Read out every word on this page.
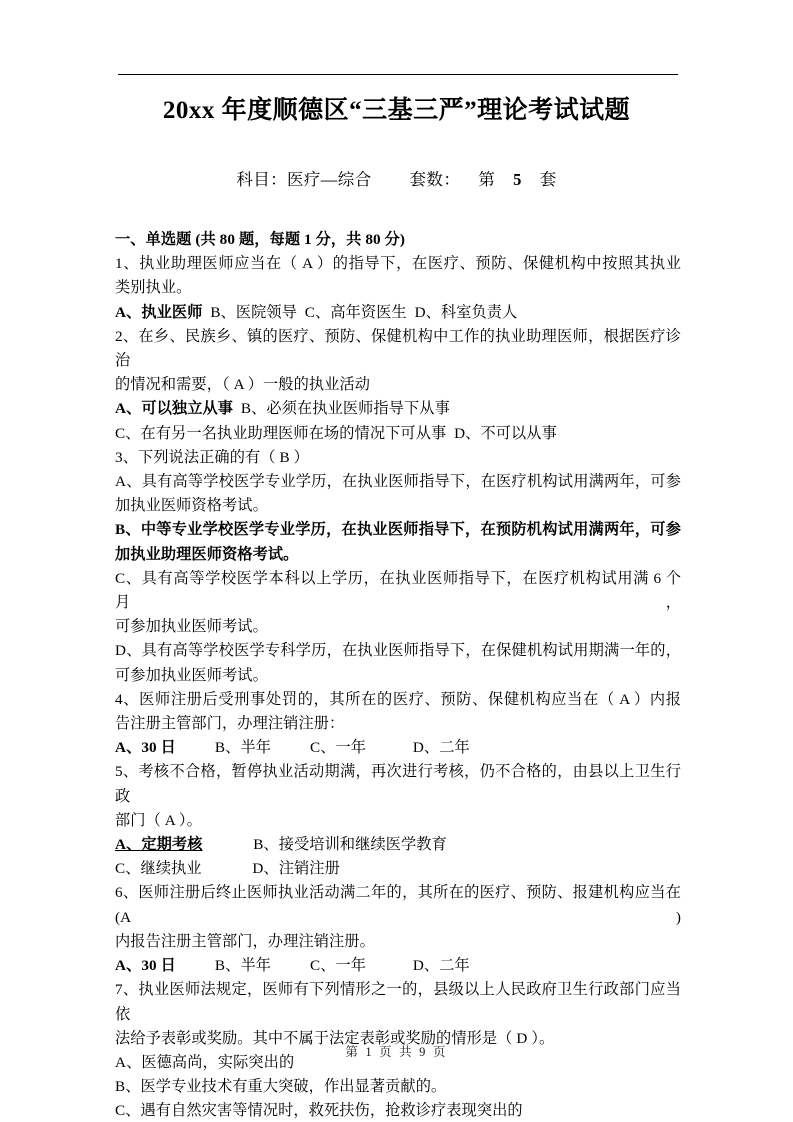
20xx 年度顺德区“三基三严”理论考试试题
科目：医疗—综合 套数： 第 5 套
一、单选题 (共 80 题，每题 1 分，共 80 分)
1、执业助理医师应当在（ A ）的指导下，在医疗、预防、保健机构中按照其执业
类别执业。
A、执业医师 B、医院领导 C、高年资医生 D、科室负责人
2、在乡、民族乡、镇的医疗、预防、保健机构中工作的执业助理医师，根据医疗诊治
的情况和需要，（ A ）一般的执业活动
A、可以独立从事 B、必须在执业医师指导下从事
C、在有另一名执业助理医师在场的情况下可从事 D、不可以从事
3、下列说法正确的有（ B ）
A、具有高等学校医学专业学历，在执业医师指导下，在医疗机构试用满两年，可参
加执业医师资格考试。
B、中等专业学校医学专业学历，在执业医师指导下，在预防机构试用满两年，可参
加执业助理医师资格考试。
C、具有高等学校医学本科以上学历，在执业医师指导下，在医疗机构试用满 6 个月，
可参加执业医师考试。
D、具有高等学校医学专科学历，在执业医师指导下，在保健机构试用期满一年的，
可参加执业医师考试。
4、医师注册后受刑事处罚的，其所在的医疗、预防、保健机构应当在（ A ）内报
告注册主管部门，办理注销注册：
A、30 日	B、半年	C、一年	D、二年
5、考核不合格，暂停执业活动期满，再次进行考核，仍不合格的，由县以上卫生行政
部门（ A ）。
A、定期考核	B、接受培训和继续医学教育
C、继续执业	D、注销注册
6、医师注册后终止医师执业活动满二年的，其所在的医疗、预防、报建机构应当在(A )
内报告注册主管部门，办理注销注册。
A、30 日	B、半年	C、一年	D、二年
7、执业医师法规定，医师有下列情形之一的，县级以上人民政府卫生行政部门应当依
法给予表彰或奖励。其中不属于法定表彰或奖励的情形是（ D ）。
A、医德高尚，实际突出的
B、医学专业技术有重大突破，作出显著贡献的。
C、遇有自然灾害等情况时，救死扶伤，抢救诊疗表现突出的
第 1 页 共 9 页
